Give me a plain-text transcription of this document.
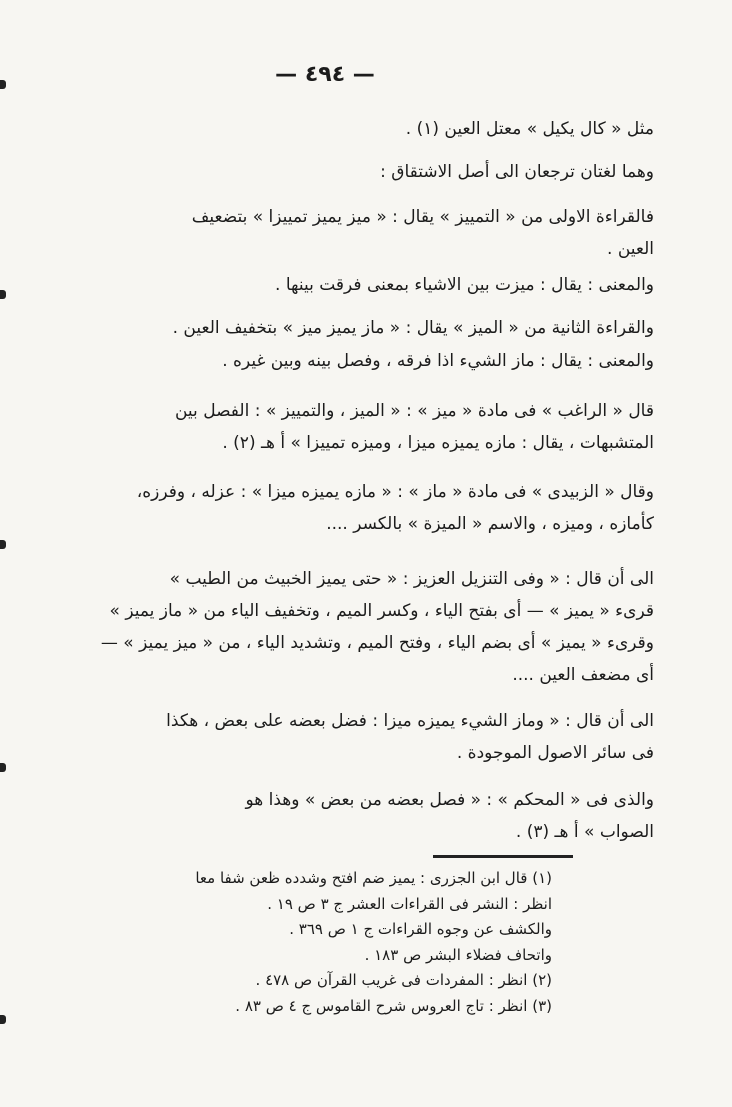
— ٤٩٤ —

مثل « كال يكيل » معتل العين (١) .

وهما لغتان ترجعان الى أصل الاشتقاق :

فالقراءة الاولى من « التمييز » يقال : « ميز يميز تمييزا » بتضعيف

العين .

والمعنى : يقال : ميزت بين الاشياء بمعنى فرقت بينها .

والقراءة الثانية من « الميز » يقال : « ماز يميز ميز » بتخفيف العين .

والمعنى : يقال : ماز الشيء اذا فرقه ، وفصل بينه وبين غيره .

قال « الراغب » فى مادة « ميز » : « الميز ، والتمييز » : الفصل بين

المتشبهات ، يقال : مازه يميزه ميزا ، وميزه تمييزا » أ هـ (٢) .

وقال « الزبيدى » فى مادة « ماز » : « مازه يميزه ميزا » : عزله ، وفرزه،

كأمازه ، وميزه ، والاسم « الميزة » بالكسر ....

الى أن قال : « وفى التنزيل العزيز : « حتى يميز الخبيث من الطيب »

قرىء « يميز » — أى بفتح الياء ، وكسر الميم ، وتخفيف الياء من « ماز يميز »

وقرىء « يميز » أى بضم الياء ، وفتح الميم ، وتشديد الياء ، من « ميز يميز » —

أى مضعف العين ....

الى أن قال : « وماز الشيء يميزه ميزا : فضل بعضه على بعض ، هكذا

فى سائر الاصول الموجودة .

والذى فى « المحكم » : « فصل بعضه من بعض » وهذا هو

الصواب » أ هـ (٣) .

(١) قال ابن الجزرى : يميز ضم افتح وشدده ظعن شفا معا

انظر : النشر فى القراءات العشر ج ٣ ص ١٩ .

والكشف عن وجوه القراءات ج ١ ص ٣٦٩ .

واتحاف فضلاء البشر ص ١٨٣ .

(٢) انظر : المفردات فى غريب القرآن ص ٤٧٨ .

(٣) انظر : تاج العروس شرح القاموس ج ٤ ص ٨٣ .
